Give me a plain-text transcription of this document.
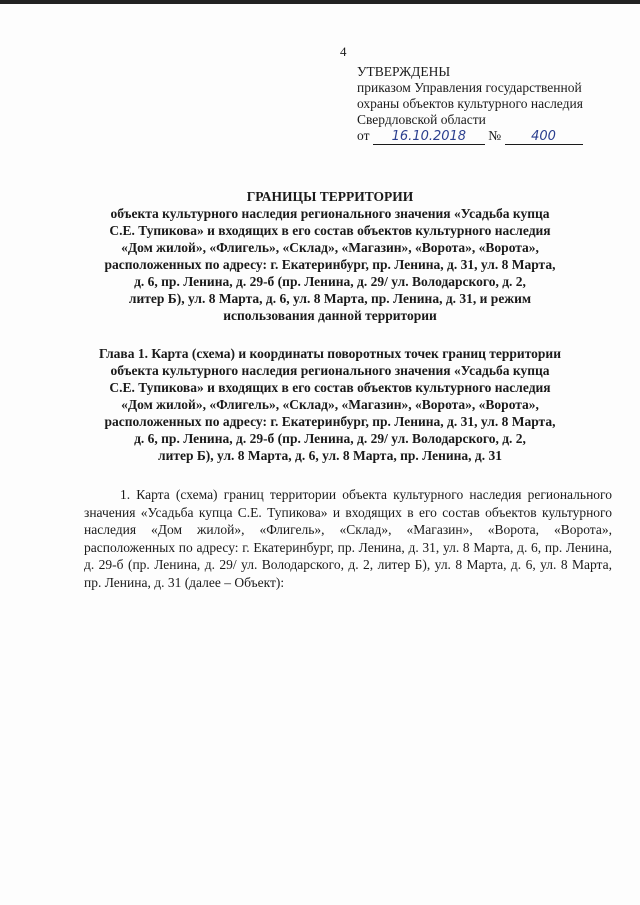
4
УТВЕРЖДЕНЫ
приказом Управления государственной
охраны объектов культурного наследия
Свердловской области
от 16.10.2018 № 400
ГРАНИЦЫ ТЕРРИТОРИИ
объекта культурного наследия регионального значения «Усадьба купца
С.Е. Тупикова» и входящих в его состав объектов культурного наследия
«Дом жилой», «Флигель», «Склад», «Магазин», «Ворота», «Ворота»,
расположенных по адресу: г. Екатеринбург, пр. Ленина, д. 31, ул. 8 Марта,
д. 6, пр. Ленина, д. 29-б (пр. Ленина, д. 29/ ул. Володарского, д. 2,
литер Б), ул. 8 Марта, д. 6, ул. 8 Марта, пр. Ленина, д. 31, и режим
использования данной территории
Глава 1. Карта (схема) и координаты поворотных точек границ территории
объекта культурного наследия регионального значения «Усадьба купца
С.Е. Тупикова» и входящих в его состав объектов культурного наследия
«Дом жилой», «Флигель», «Склад», «Магазин», «Ворота», «Ворота»,
расположенных по адресу: г. Екатеринбург, пр. Ленина, д. 31, ул. 8 Марта,
д. 6, пр. Ленина, д. 29-б (пр. Ленина, д. 29/ ул. Володарского, д. 2,
литер Б), ул. 8 Марта, д. 6, ул. 8 Марта, пр. Ленина, д. 31
1. Карта (схема) границ территории объекта культурного наследия регионального значения «Усадьба купца С.Е. Тупикова» и входящих в его состав объектов культурного наследия «Дом жилой», «Флигель», «Склад», «Магазин», «Ворота, «Ворота», расположенных по адресу: г. Екатеринбург, пр. Ленина, д. 31, ул. 8 Марта, д. 6, пр. Ленина, д. 29-б (пр. Ленина, д. 29/ ул. Володарского, д. 2, литер Б), ул. 8 Марта, д. 6, ул. 8 Марта, пр. Ленина, д. 31 (далее – Объект):
